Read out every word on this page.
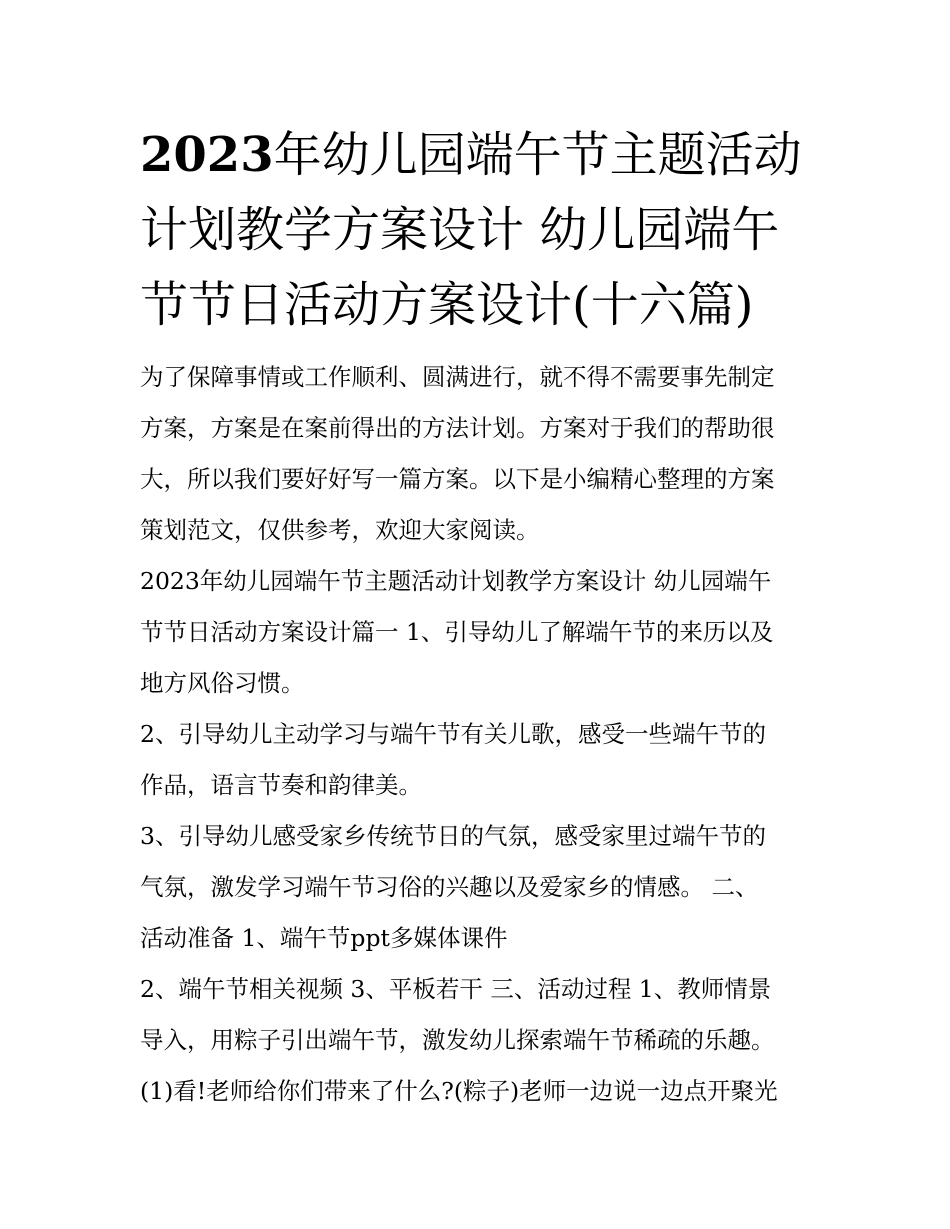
2023年幼儿园端午节主题活动
计划教学方案设计 幼儿园端午
节节日活动方案设计(十六篇)

为了保障事情或工作顺利、圆满进行，就不得不需要事先制定
方案，方案是在案前得出的方法计划。方案对于我们的帮助很
大，所以我们要好好写一篇方案。以下是小编精心整理的方案
策划范文，仅供参考，欢迎大家阅读。

2023年幼儿园端午节主题活动计划教学方案设计 幼儿园端午
节节日活动方案设计篇一 1、引导幼儿了解端午节的来历以及
地方风俗习惯。

2、引导幼儿主动学习与端午节有关儿歌，感受一些端午节的
作品，语言节奏和韵律美。

3、引导幼儿感受家乡传统节日的气氛，感受家里过端午节的
气氛，激发学习端午节习俗的兴趣以及爱家乡的情感。 二、
活动准备 1、端午节ppt多媒体课件

2、端午节相关视频 3、平板若干 三、活动过程 1、教师情景
导入，用粽子引出端午节，激发幼儿探索端午节稀疏的乐趣。
(1)看!老师给你们带来了什么?(粽子)老师一边说一边点开聚光
